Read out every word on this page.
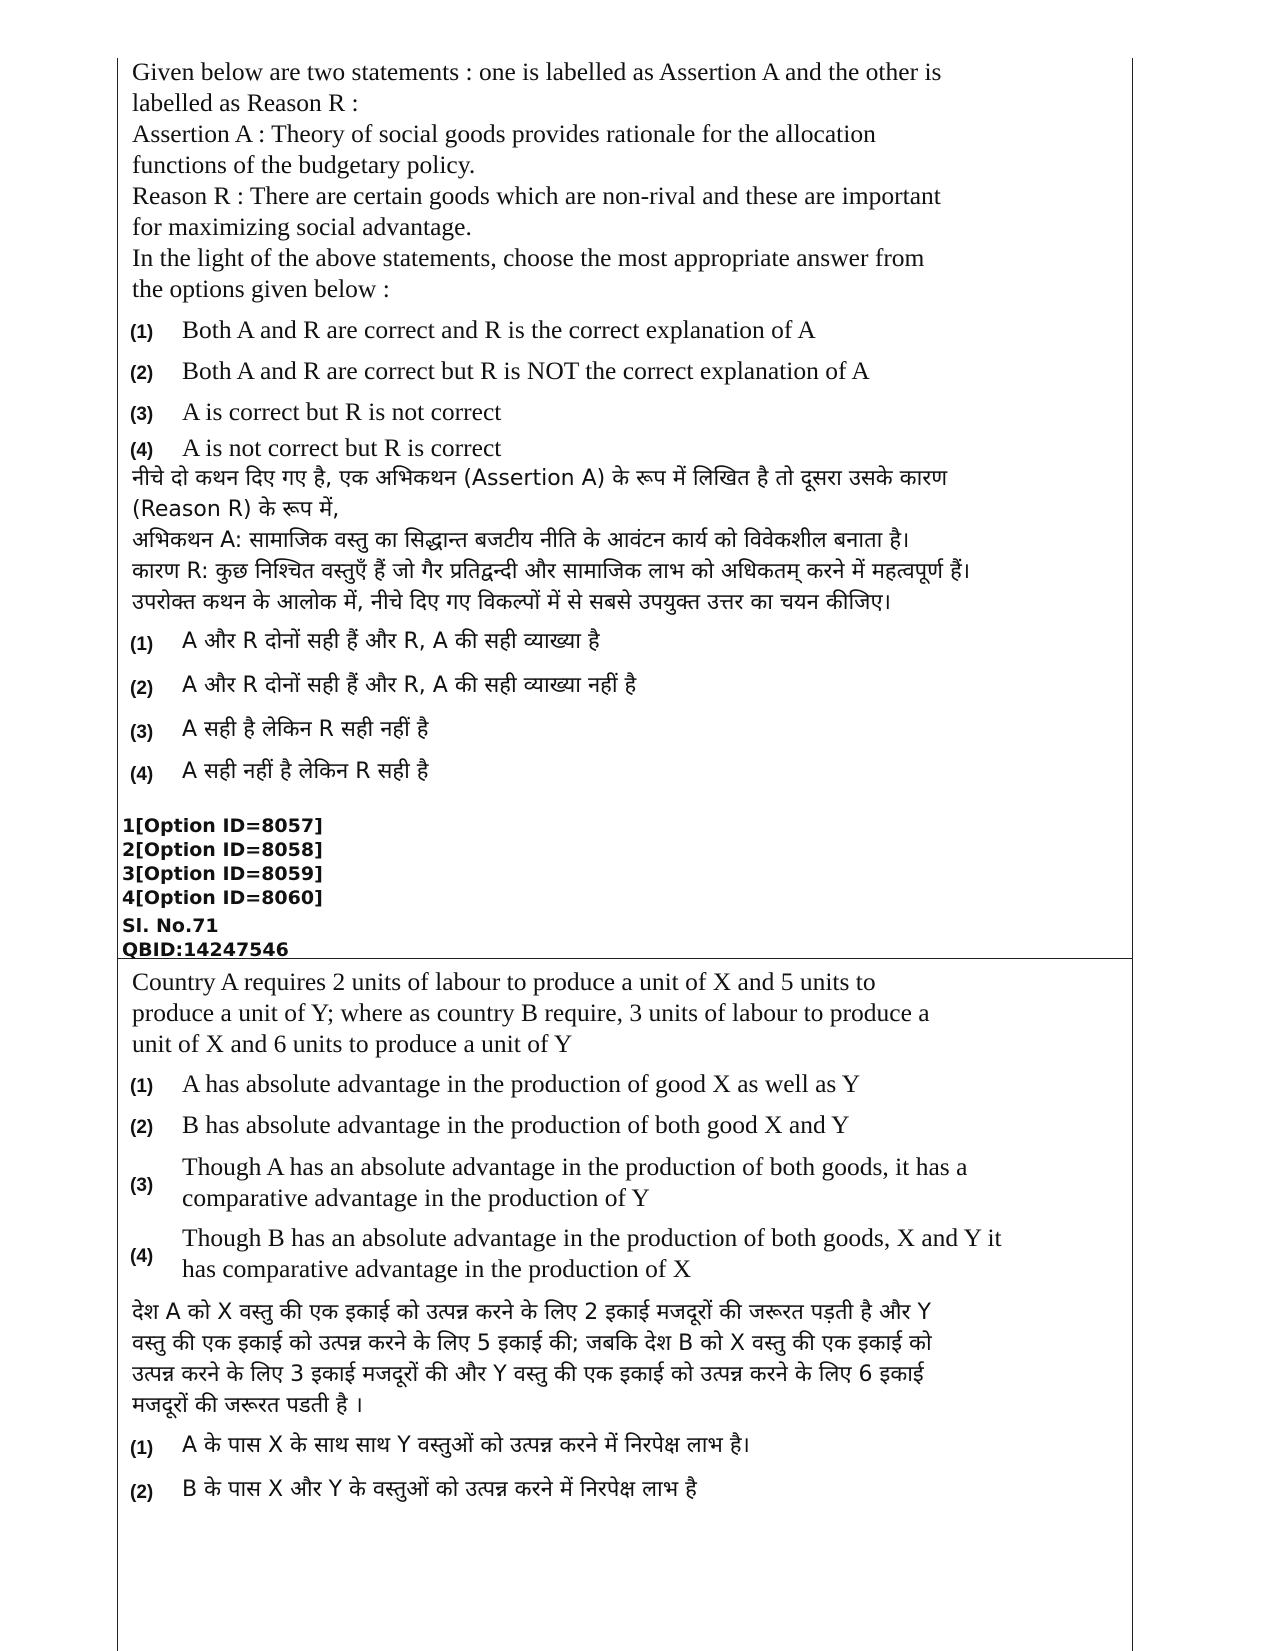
Given below are two statements : one is labelled as Assertion A and the other is

labelled as Reason R :

Assertion A : Theory of social goods provides rationale for the allocation

functions of the budgetary policy.

Reason R : There are certain goods which are non-rival and these are important

for maximizing social advantage.

In the light of the above statements, choose the most appropriate answer from

the options given below :

(1) Both A and R are correct and R is the correct explanation of A
(2) Both A and R are correct but R is NOT the correct explanation of A
(3) A is correct but R is not correct
(4) A is not correct but R is correct

नीचे दो कथन दिए गए है, एक अभिकथन (Assertion A) के रूप में लिखित है तो दूसरा उसके कारण

(Reason R) के रूप में,

अभिकथन A: सामाजिक वस्तु का सिद्धान्त बजटीय नीति के आवंटन कार्य को विवेकशील बनाता है।

कारण R: कुछ निश्चित वस्तुएँ हैं जो गैर प्रतिद्वन्दी और सामाजिक लाभ को अधिकतम् करने में महत्वपूर्ण हैं।

उपरोक्त कथन के आलोक में, नीचे दिए गए विकल्पों में से सबसे उपयुक्त उत्तर का चयन कीजिए।

(1) A और R दोनों सही हैं और R, A की सही व्याख्या है
(2) A और R दोनों सही हैं और R, A की सही व्याख्या नहीं है
(3) A सही है लेकिन R सही नहीं है
(4) A सही नहीं है लेकिन R सही है
1[Option ID=8057]
2[Option ID=8058]
3[Option ID=8059]
4[Option ID=8060]
Sl. No.71
QBID:14247546

Country A requires 2 units of labour to produce a unit of X and 5 units to

produce a unit of Y; where as country B require, 3 units of labour to produce a

unit of X and 6 units to produce a unit of Y

(1) A has absolute advantage in the production of good X as well as Y
(2) B has absolute advantage in the production of both good X and Y
(3)
Though A has an absolute advantage in the production of both goods, it has a
comparative advantage in the production of Y
(4)
Though B has an absolute advantage in the production of both goods, X and Y it
has comparative advantage in the production of X

देश A को X वस्तु की एक इकाई को उत्पन्न करने के लिए 2 इकाई मजदूरों की जरूरत पड़ती है और Y

वस्तु की एक इकाई को उत्पन्न करने के लिए 5 इकाई की; जबकि देश B को X वस्तु की एक इकाई को

उत्पन्न करने के लिए 3 इकाई मजदूरों की और Y वस्तु की एक इकाई को उत्पन्न करने के लिए 6 इकाई

मजदूरों की जरूरत पडती है ।

(1) A के पास X के साथ साथ Y वस्तुओं को उत्पन्न करने में निरपेक्ष लाभ है।
(2) B के पास X और Y के वस्तुओं को उत्पन्न करने में निरपेक्ष लाभ है
